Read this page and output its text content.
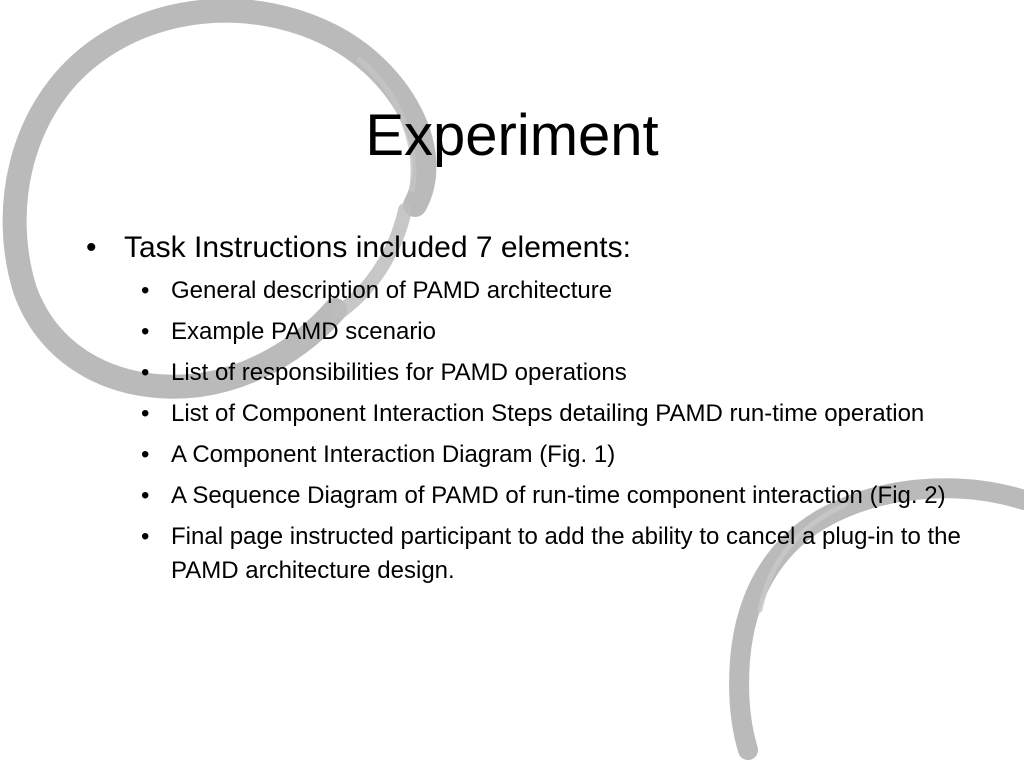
Experiment
• Task Instructions included 7 elements:
• General description of PAMD architecture
• Example PAMD scenario
• List of responsibilities for PAMD operations
• List of Component Interaction Steps detailing PAMD run-time operation
• A Component Interaction Diagram (Fig. 1)
• A Sequence Diagram of PAMD of run-time component interaction (Fig. 2)
• Final page instructed participant to add the ability to cancel a plug-in to the PAMD architecture design.
